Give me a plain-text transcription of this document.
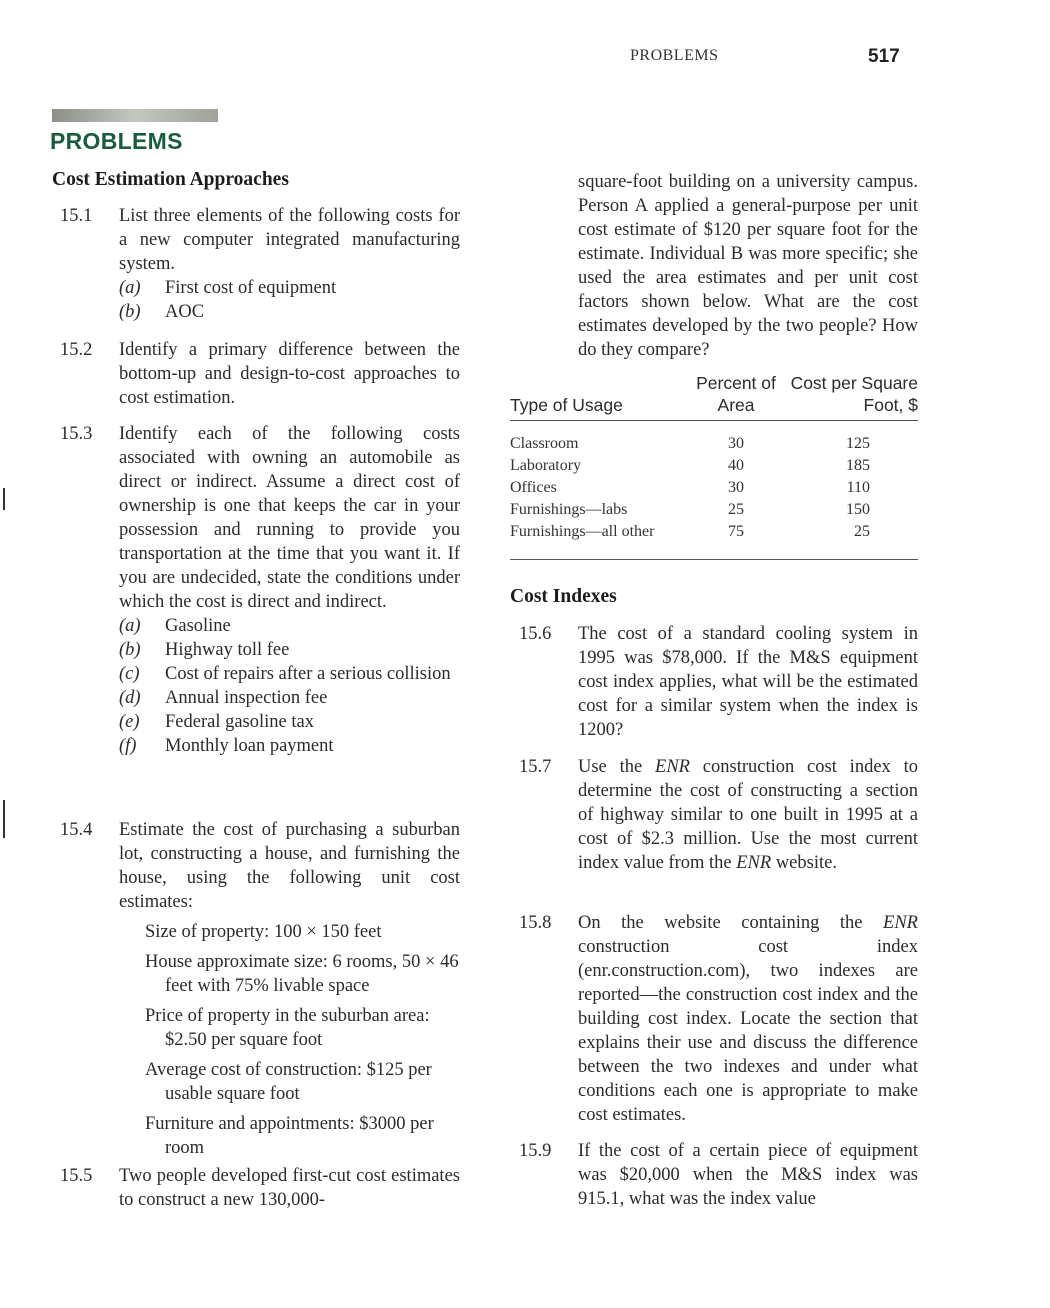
PROBLEMS	517
PROBLEMS
Cost Estimation Approaches
15.1 List three elements of the following costs for a new computer integrated manufacturing system.
(a) First cost of equipment
(b) AOC
15.2 Identify a primary difference between the bottom-up and design-to-cost approaches to cost estimation.
15.3 Identify each of the following costs associated with owning an automobile as direct or indirect. Assume a direct cost of ownership is one that keeps the car in your possession and running to provide you transportation at the time that you want it. If you are undecided, state the conditions under which the cost is direct and indirect.
(a) Gasoline
(b) Highway toll fee
(c) Cost of repairs after a serious collision
(d) Annual inspection fee
(e) Federal gasoline tax
(f) Monthly loan payment
15.4 Estimate the cost of purchasing a suburban lot, constructing a house, and furnishing the house, using the following unit cost estimates:
Size of property: 100 × 150 feet
House approximate size: 6 rooms, 50 × 46 feet with 75% livable space
Price of property in the suburban area: $2.50 per square foot
Average cost of construction: $125 per usable square foot
Furniture and appointments: $3000 per room
15.5 Two people developed first-cut cost estimates to construct a new 130,000-
square-foot building on a university campus. Person A applied a general-purpose per unit cost estimate of $120 per square foot for the estimate. Individual B was more specific; she used the area estimates and per unit cost factors shown below. What are the cost estimates developed by the two people? How do they compare?
Type of Usage	Percent of Area	Cost per Square Foot, $
Classroom	30	125
Laboratory	40	185
Offices	30	110
Furnishings—labs	25	150
Furnishings—all other	75	25
Cost Indexes
15.6 The cost of a standard cooling system in 1995 was $78,000. If the M&S equipment cost index applies, what will be the estimated cost for a similar system when the index is 1200?
15.7 Use the ENR construction cost index to determine the cost of constructing a section of highway similar to one built in 1995 at a cost of $2.3 million. Use the most current index value from the ENR website.
15.8 On the website containing the ENR construction cost index (enr.construction.com), two indexes are reported—the construction cost index and the building cost index. Locate the section that explains their use and discuss the difference between the two indexes and under what conditions each one is appropriate to make cost estimates.
15.9 If the cost of a certain piece of equipment was $20,000 when the M&S index was 915.1, what was the index value
